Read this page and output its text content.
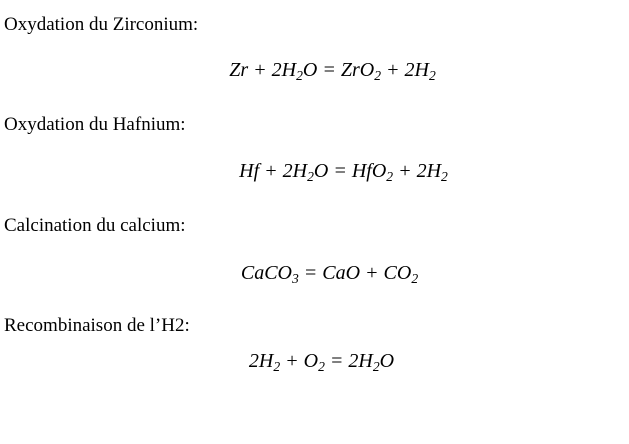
Oxydation du Zirconium:
$Zr + 2H_2O = ZrO_2 + 2H_2$
Oxydation du Hafnium:
$Hf + 2H_2O = HfO_2 + 2H_2$
Calcination du calcium:
CaCO$_3$ = CaO + $CO_2$
Recombinaison de l’H2:
$2H_2 + O_2 = 2H_2O$
